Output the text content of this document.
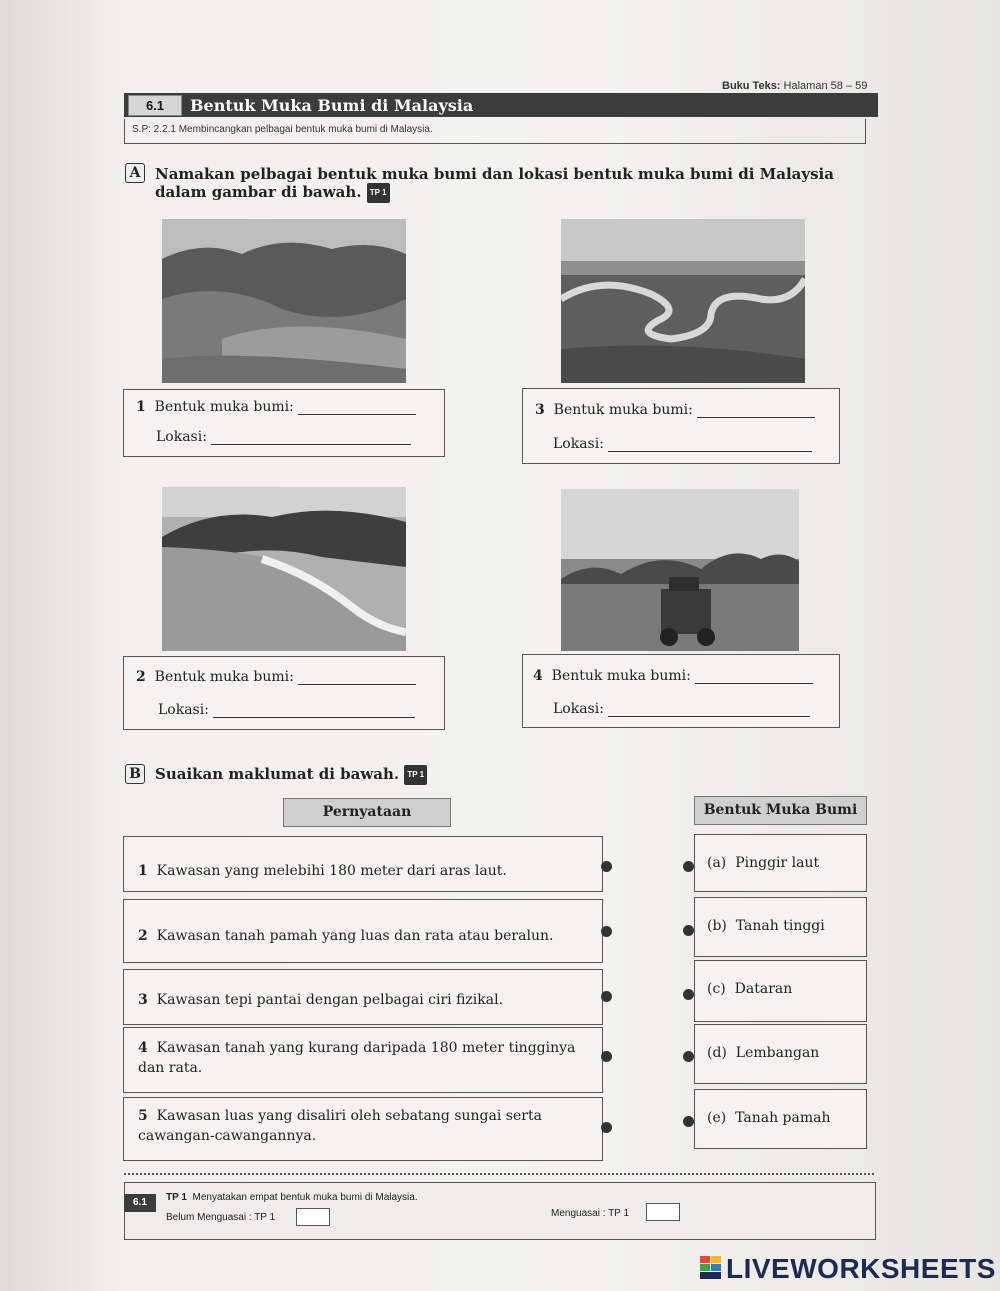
Buku Teks: Halaman 58 – 59
6.1	Bentuk Muka Bumi di Malaysia
S.P: 2.2.1 Membincangkan pelbagai bentuk muka bumi di Malaysia.
A Namakan pelbagai bentuk muka bumi dan lokasi bentuk muka bumi di Malaysia dalam gambar di bawah. TP 1
1 Bentuk muka bumi:
Lokasi:
3 Bentuk muka bumi:
Lokasi:
2 Bentuk muka bumi:
Lokasi:
4 Bentuk muka bumi:
Lokasi:
B Suaikan maklumat di bawah. TP 1
Pernyataan	Bentuk Muka Bumi
1 Kawasan yang melebihi 180 meter dari aras laut.
2 Kawasan tanah pamah yang luas dan rata atau beralun.
3 Kawasan tepi pantai dengan pelbagai ciri fizikal.
4 Kawasan tanah yang kurang daripada 180 meter tingginya dan rata.
5 Kawasan luas yang disaliri oleh sebatang sungai serta cawangan-cawangannya.
(a) Pinggir laut
(b) Tanah tinggi
(c) Dataran
(d) Lembangan
(e) Tanah pamah
6.1	TP 1 Menyatakan empat bentuk muka bumi di Malaysia.
Belum Menguasai : TP 1	Menguasai : TP 1
LIVEWORKSHEETS
